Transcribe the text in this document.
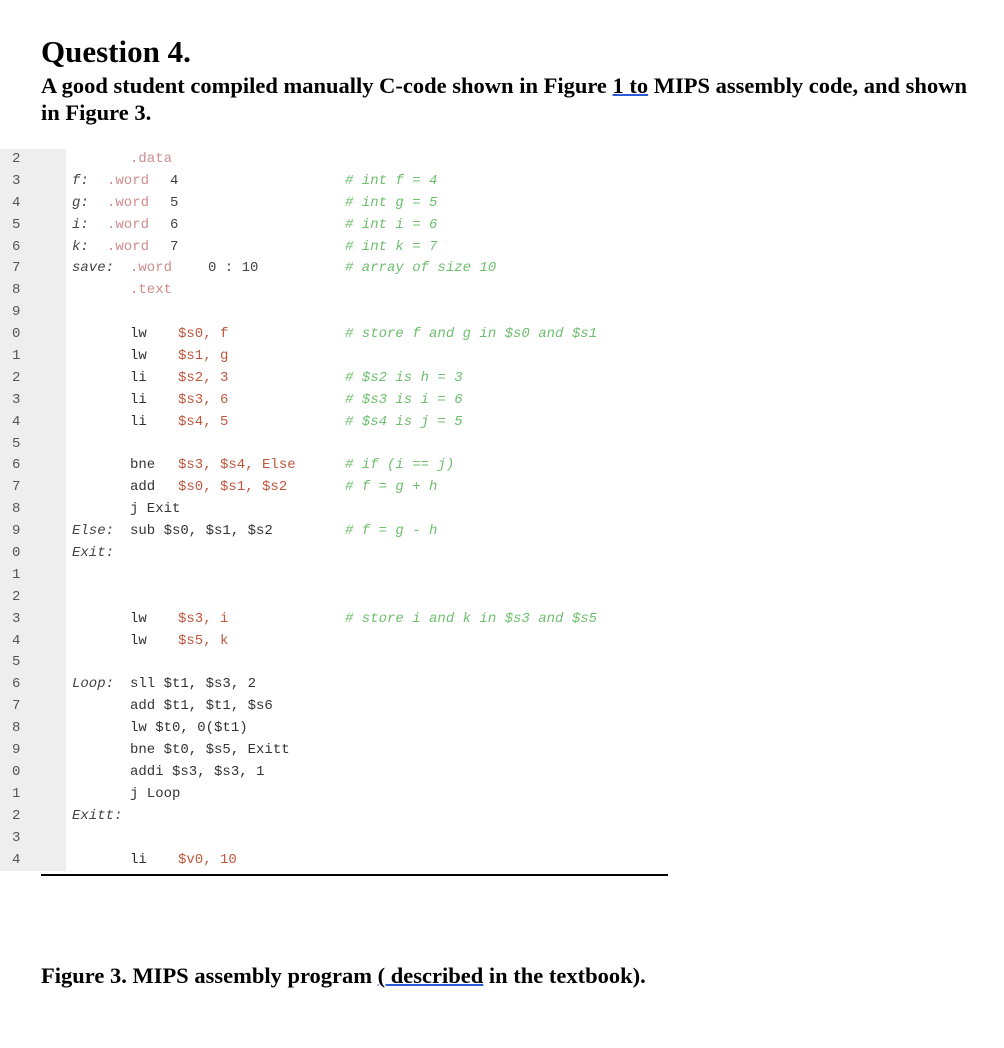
Question 4.

A good student compiled manually C-code shown in Figure 1 to MIPS assembly code, and shown in Figure 3.

2	.data
3	f: .word 4	# int f = 4
4	g: .word 5	# int g = 5
5	i: .word 6	# int i = 6
6	k: .word 7	# int k = 7
7	save: .word	0 : 10	# array of size 10
8	.text
9
0	lw $s0, f	# store f and g in $s0 and $s1
1	lw $s1, g
2	li $s2, 3	# $s2 is h = 3
3	li $s3, 6	# $s3 is i = 6
4	li $s4, 5	# $s4 is j = 5
5
6	bne $s3, $s4, Else	# if (i == j)
7	add $s0, $s1, $s2	# f = g + h
8	j Exit
9	Else: sub $s0, $s1, $s2	# f = g - h
0	Exit:
1
2
3	lw $s3, i	# store i and k in $s3 and $s5
4	lw $s5, k
5
6	Loop: sll $t1, $s3, 2
7	add $t1, $t1, $s6
8	lw $t0, 0($t1)
9	bne $t0, $s5, Exitt
0	addi $s3, $s3, 1
1	j Loop
2	Exitt:
3
4	li $v0, 10

Figure 3. MIPS assembly program ( described in the textbook).
